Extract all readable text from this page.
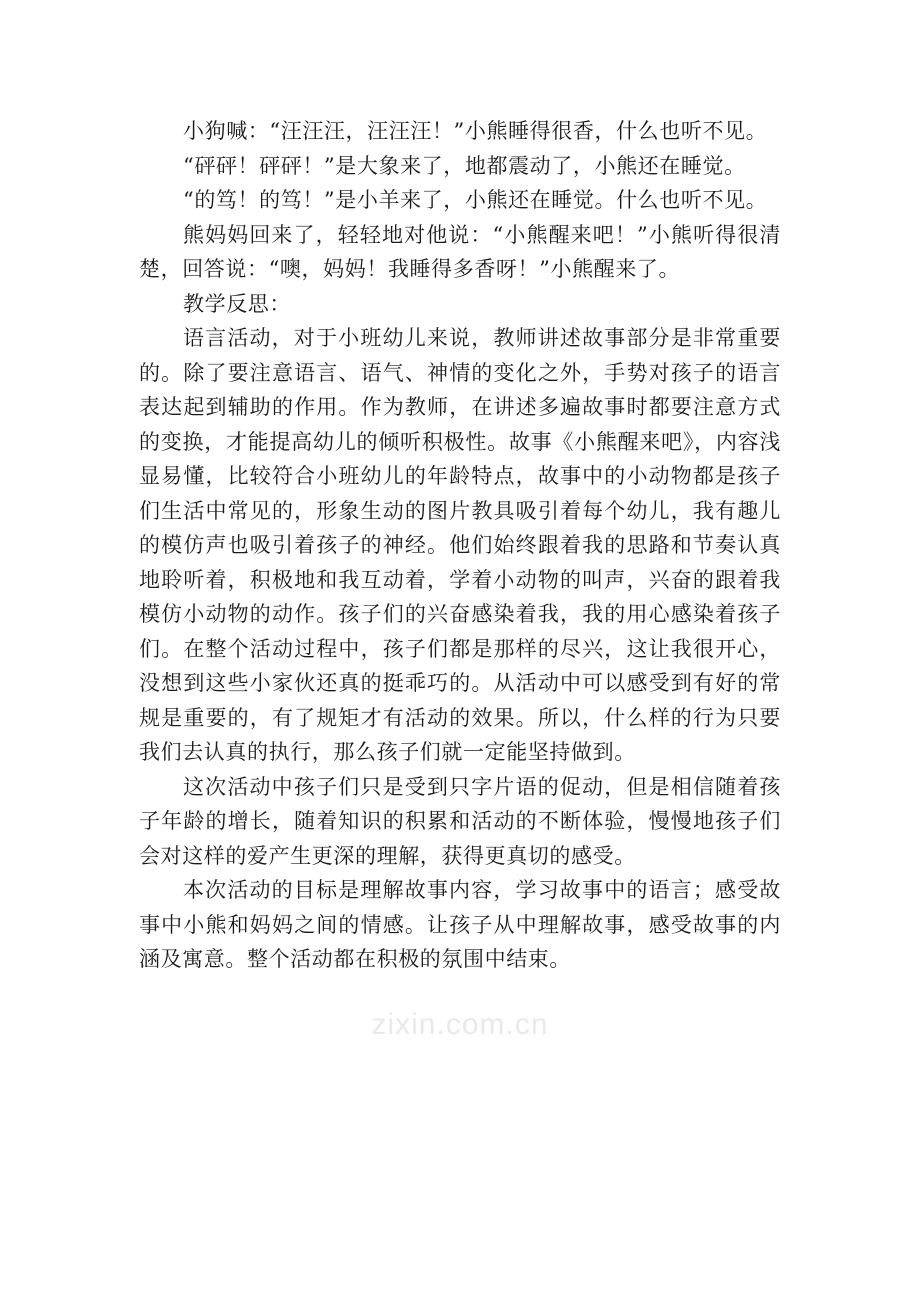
小狗喊：“汪汪汪，汪汪汪！”小熊睡得很香，什么也听不见。

“砰砰！砰砰！”是大象来了，地都震动了，小熊还在睡觉。

“的笃！的笃！”是小羊来了，小熊还在睡觉。什么也听不见。

熊妈妈回来了，轻轻地对他说：“小熊醒来吧！”小熊听得很清楚，回答说：“噢，妈妈！我睡得多香呀！”小熊醒来了。

教学反思：

语言活动，对于小班幼儿来说，教师讲述故事部分是非常重要的。除了要注意语言、语气、神情的变化之外，手势对孩子的语言表达起到辅助的作用。作为教师，在讲述多遍故事时都要注意方式的变换，才能提高幼儿的倾听积极性。故事《小熊醒来吧》，内容浅显易懂，比较符合小班幼儿的年龄特点，故事中的小动物都是孩子们生活中常见的，形象生动的图片教具吸引着每个幼儿，我有趣儿的模仿声也吸引着孩子的神经。他们始终跟着我的思路和节奏认真地聆听着，积极地和我互动着，学着小动物的叫声，兴奋的跟着我模仿小动物的动作。孩子们的兴奋感染着我，我的用心感染着孩子们。在整个活动过程中，孩子们都是那样的尽兴，这让我很开心，没想到这些小家伙还真的挺乖巧的。从活动中可以感受到有好的常规是重要的，有了规矩才有活动的效果。所以，什么样的行为只要我们去认真的执行，那么孩子们就一定能坚持做到。

这次活动中孩子们只是受到只字片语的促动，但是相信随着孩子年龄的增长，随着知识的积累和活动的不断体验，慢慢地孩子们会对这样的爱产生更深的理解，获得更真切的感受。

本次活动的目标是理解故事内容，学习故事中的语言；感受故事中小熊和妈妈之间的情感。让孩子从中理解故事，感受故事的内涵及寓意。整个活动都在积极的氛围中结束。

zixin.com.cn
